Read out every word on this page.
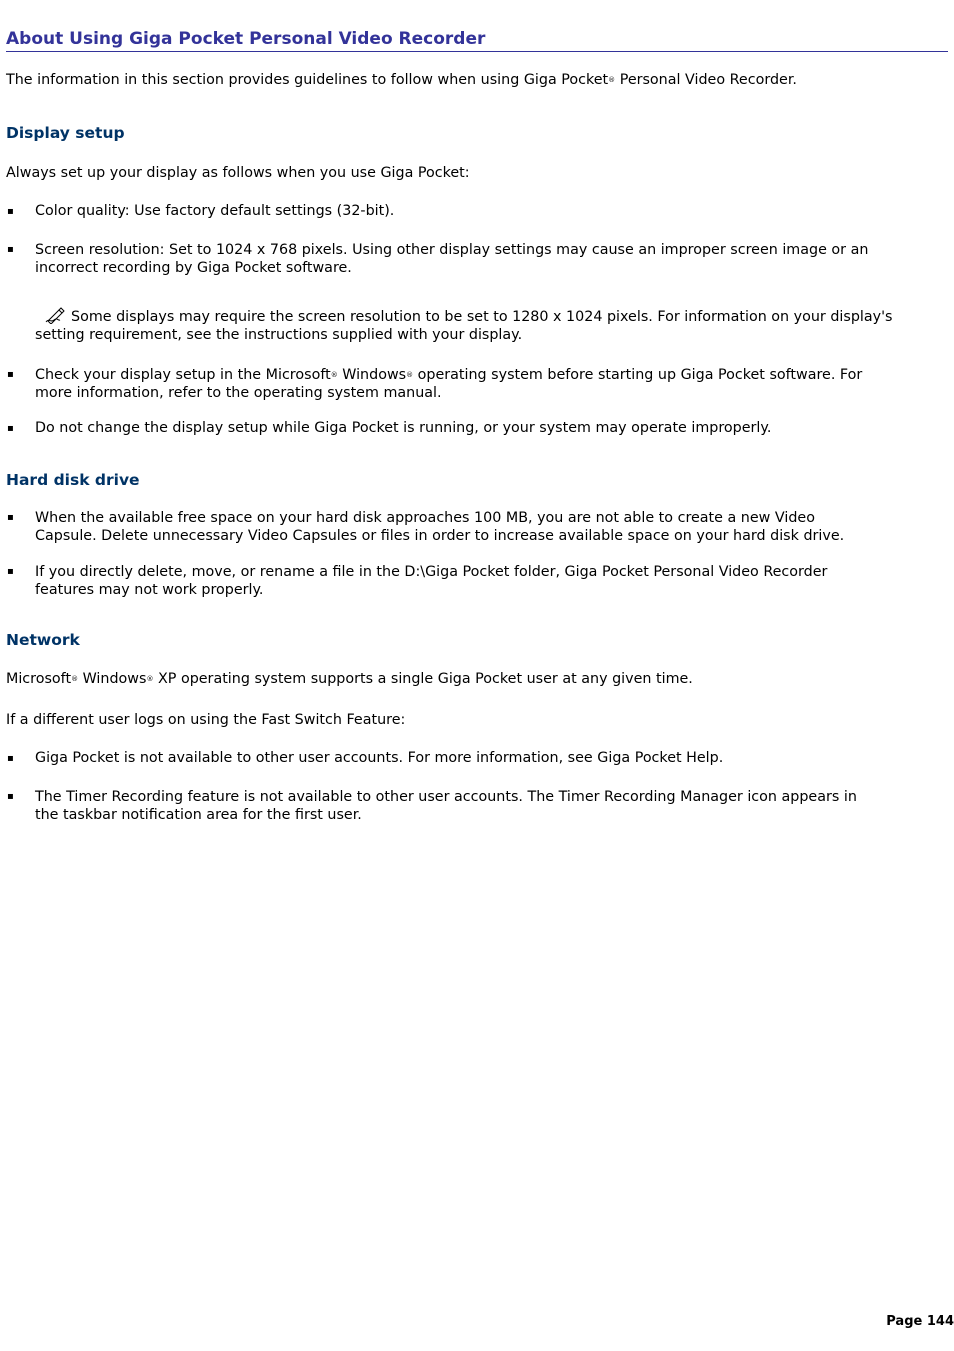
About Using Giga Pocket Personal Video Recorder
The information in this section provides guidelines to follow when using Giga Pocket® Personal Video Recorder.
Display setup
Always set up your display as follows when you use Giga Pocket:
▪ Color quality: Use factory default settings (32-bit).
▪ Screen resolution: Set to 1024 x 768 pixels. Using other display settings may cause an improper screen image or an
incorrect recording by Giga Pocket software.
Some displays may require the screen resolution to be set to 1280 x 1024 pixels. For information on your display's
setting requirement, see the instructions supplied with your display.
▪ Check your display setup in the Microsoft® Windows® operating system before starting up Giga Pocket software. For
more information, refer to the operating system manual.
▪ Do not change the display setup while Giga Pocket is running, or your system may operate improperly.
Hard disk drive
▪ When the available free space on your hard disk approaches 100 MB, you are not able to create a new Video
Capsule. Delete unnecessary Video Capsules or files in order to increase available space on your hard disk drive.
▪ If you directly delete, move, or rename a file in the D:\Giga Pocket folder, Giga Pocket Personal Video Recorder
features may not work properly.
Network
Microsoft® Windows® XP operating system supports a single Giga Pocket user at any given time.
If a different user logs on using the Fast Switch Feature:
▪ Giga Pocket is not available to other user accounts. For more information, see Giga Pocket Help.
▪ The Timer Recording feature is not available to other user accounts. The Timer Recording Manager icon appears in
the taskbar notification area for the first user.
Page 144
